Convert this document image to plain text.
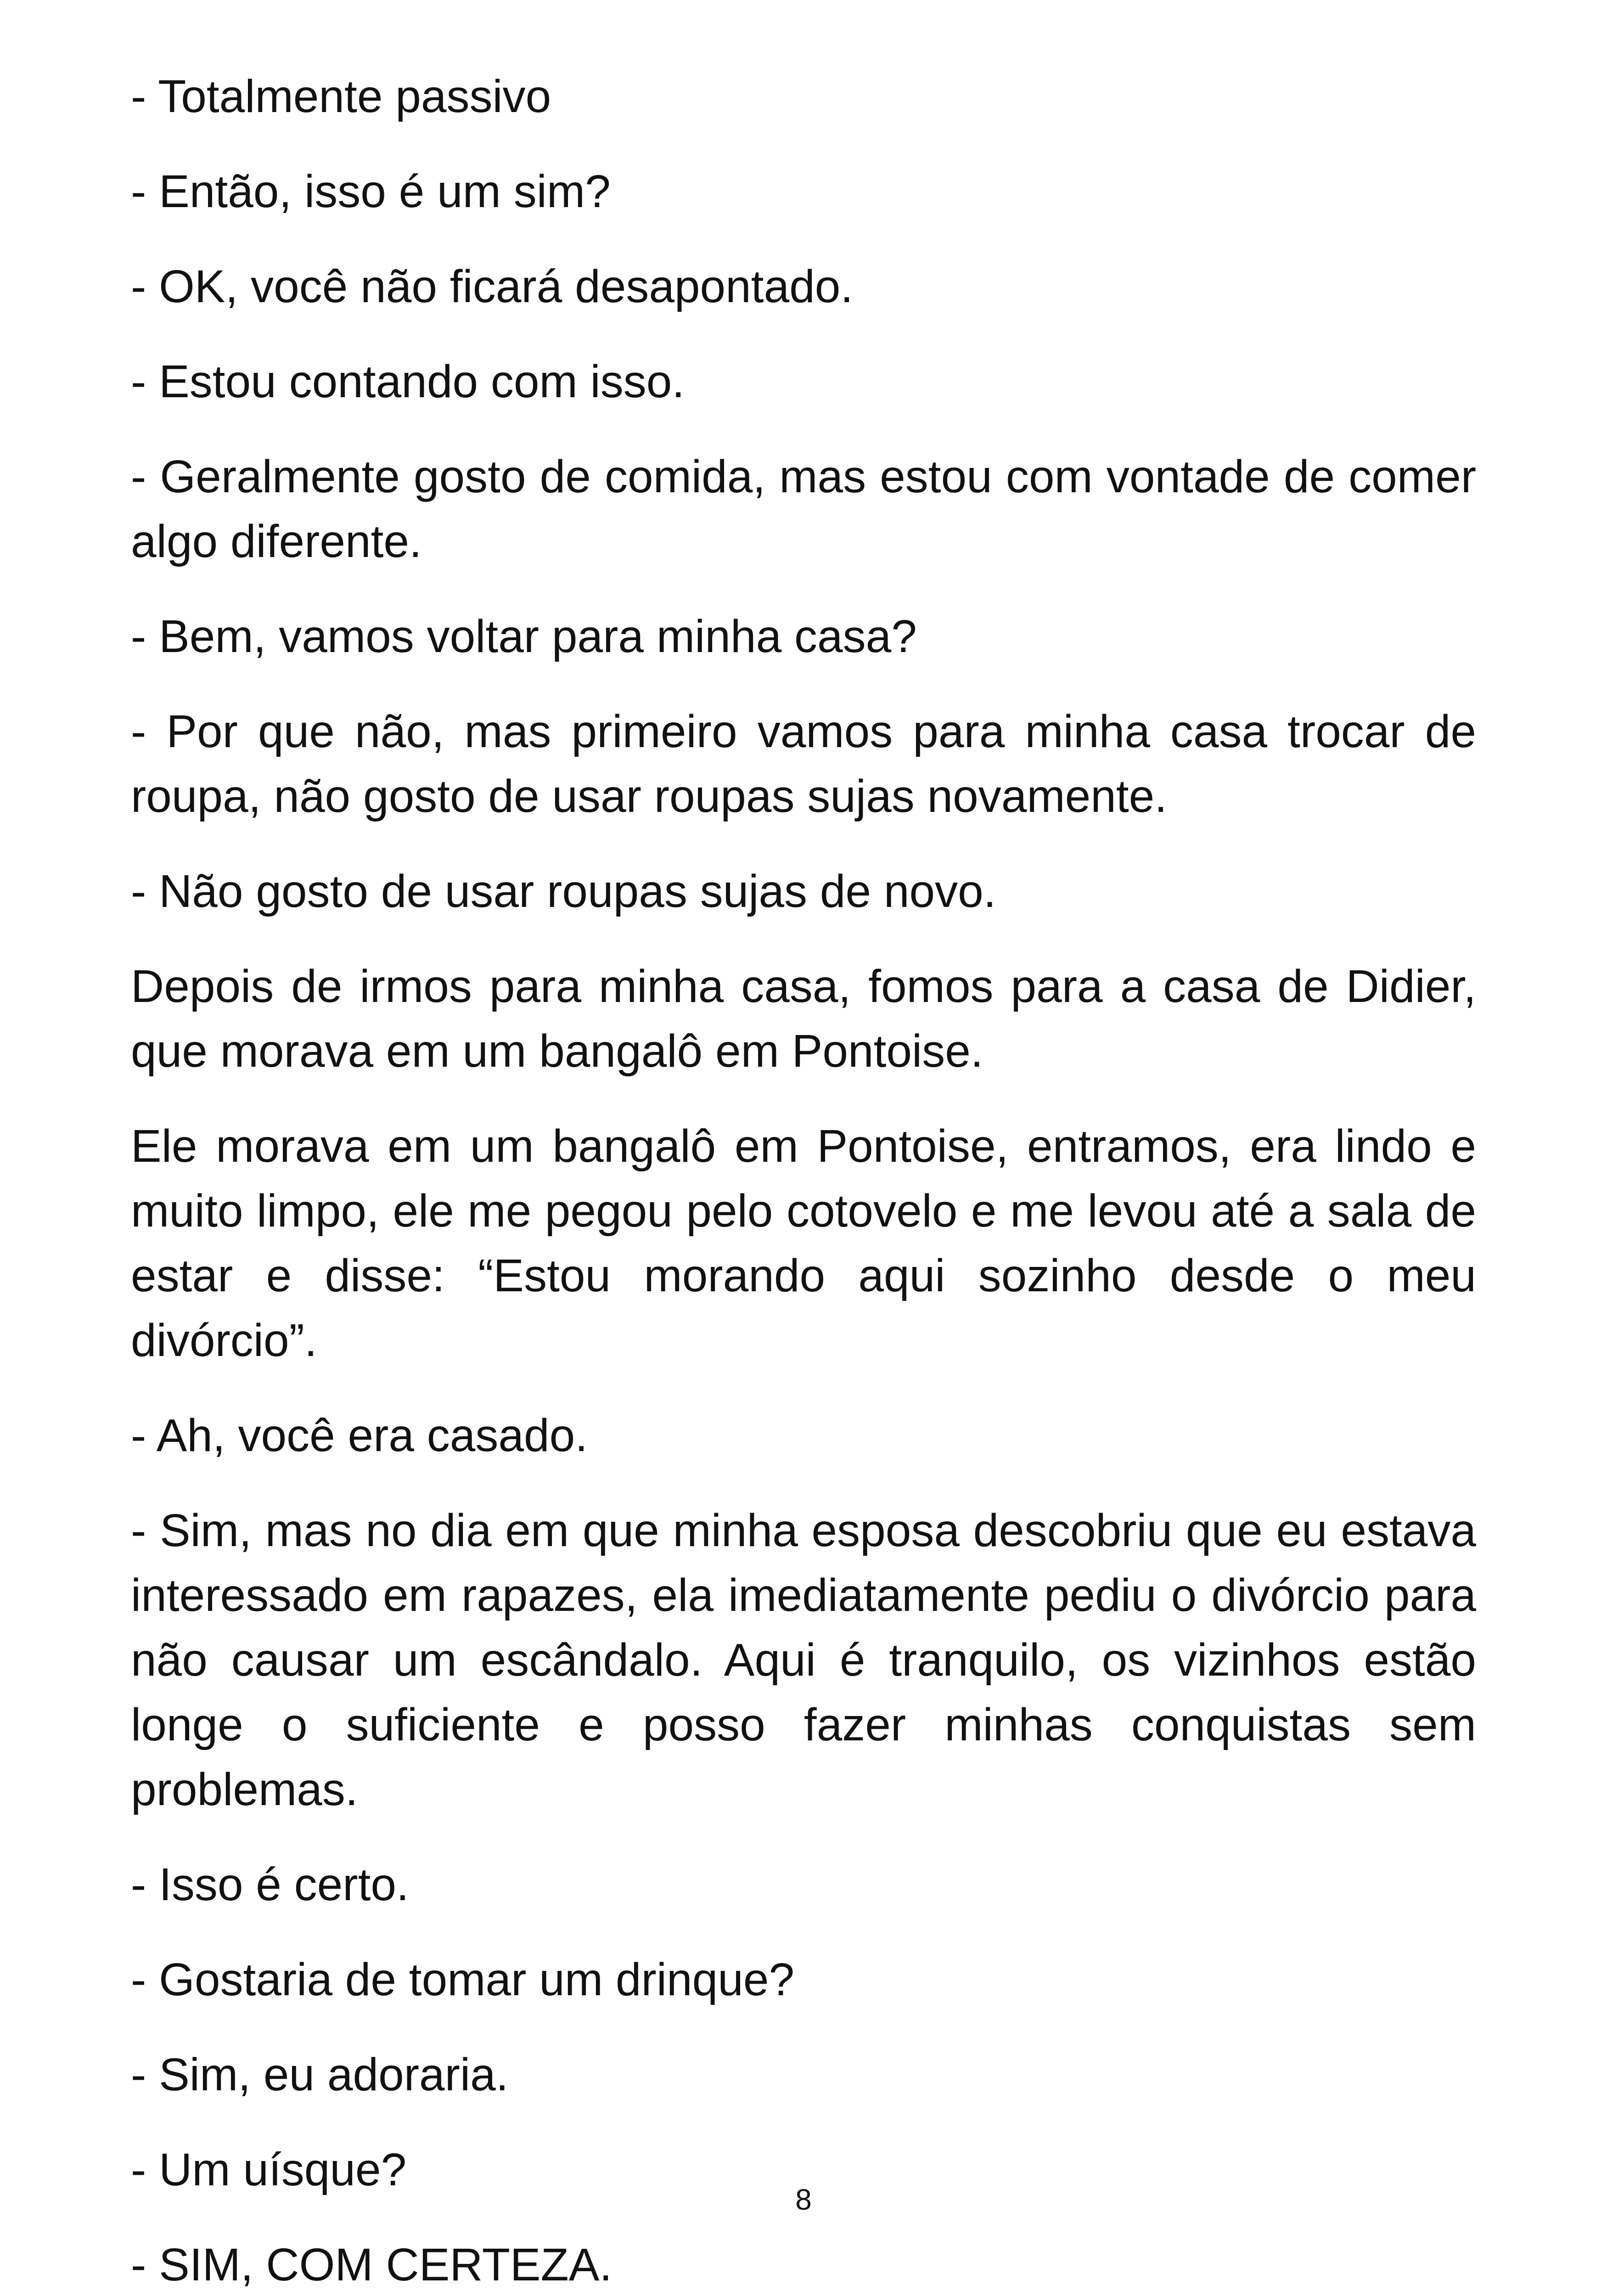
- Totalmente passivo

- Então, isso é um sim?

- OK, você não ficará desapontado.

- Estou contando com isso.

- Geralmente gosto de comida, mas estou com vontade de comer algo diferente.

- Bem, vamos voltar para minha casa?

- Por que não, mas primeiro vamos para minha casa trocar de roupa, não gosto de usar roupas sujas novamente.

- Não gosto de usar roupas sujas de novo.

Depois de irmos para minha casa, fomos para a casa de Didier, que morava em um bangalô em Pontoise.

Ele morava em um bangalô em Pontoise, entramos, era lindo e muito limpo, ele me pegou pelo cotovelo e me levou até a sala de estar e disse: “Estou morando aqui sozinho desde o meu divórcio”.

- Ah, você era casado.

- Sim, mas no dia em que minha esposa descobriu que eu estava interessado em rapazes, ela imediatamente pediu o divórcio para não causar um escândalo. Aqui é tranquilo, os vizinhos estão longe o suficiente e posso fazer minhas conquistas sem problemas.

- Isso é certo.

- Gostaria de tomar um drinque?

- Sim, eu adoraria.

- Um uísque?

- SIM, COM CERTEZA.

8
